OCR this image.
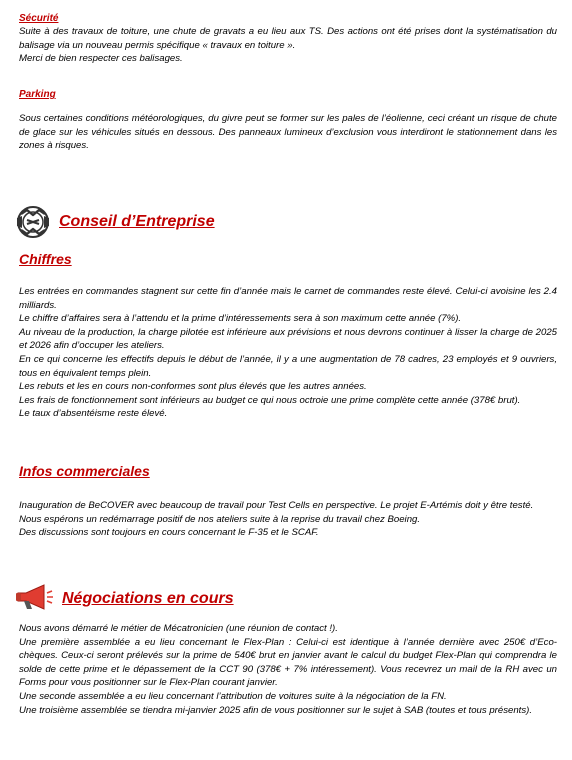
Sécurité
Suite à des travaux de toiture, une chute de gravats a eu lieu aux TS. Des actions ont été prises dont la systématisation du balisage via un nouveau permis spécifique « travaux en toiture ».
Merci de bien respecter ces balisages.
Parking
Sous certaines conditions météorologiques, du givre peut se former sur les pales de l’éolienne, ceci créant un risque de chute de glace sur les véhicules situés en dessous. Des panneaux lumineux d’exclusion vous interdiront le stationnement dans les zones à risques.
Conseil d’Entreprise
Chiffres
Les entrées en commandes stagnent sur cette fin d’année mais le carnet de commandes reste élevé. Celui-ci avoisine les 2.4 milliards.
Le chiffre d’affaires sera à l’attendu et la prime d’intéressements sera à son maximum cette année (7%).
Au niveau de la production, la charge pilotée est inférieure aux prévisions et nous devrons continuer à lisser la charge de 2025 et 2026 afin d’occuper les ateliers.
En ce qui concerne les effectifs depuis le début de l’année, il y a une augmentation de 78 cadres, 23 employés et 9 ouvriers, tous en équivalent temps plein.
Les rebuts et les en cours non-conformes sont plus élevés que les autres années.
Les frais de fonctionnement sont inférieurs au budget ce qui nous octroie une prime complète cette année (378€ brut).
Le taux d’absentéisme reste élevé.
Infos commerciales
Inauguration de BeCOVER avec beaucoup de travail pour Test Cells en perspective. Le projet E-Artémis doit y être testé.
Nous espérons un redémarrage positif de nos ateliers suite à la reprise du travail chez Boeing.
Des discussions sont toujours en cours concernant le F-35 et le SCAF.
Négociations en cours
Nous avons démarré le métier de Mécatronicien (une réunion de contact !).
Une première assemblée a eu lieu concernant le Flex-Plan : Celui-ci est identique à l’année dernière avec 250€ d’Eco-chèques. Ceux-ci seront prélevés sur la prime de 540€ brut en janvier avant le calcul du budget Flex-Plan qui comprendra le solde de cette prime et le dépassement de la CCT 90 (378€ + 7% intéressement). Vous recevrez un mail de la RH avec un Forms pour vous positionner sur le Flex-Plan courant janvier.
Une seconde assemblée a eu lieu concernant l’attribution de voitures suite à la négociation de la FN.
Une troisième assemblée se tiendra mi-janvier 2025 afin de vous positionner sur le sujet à SAB (toutes et tous présents).
